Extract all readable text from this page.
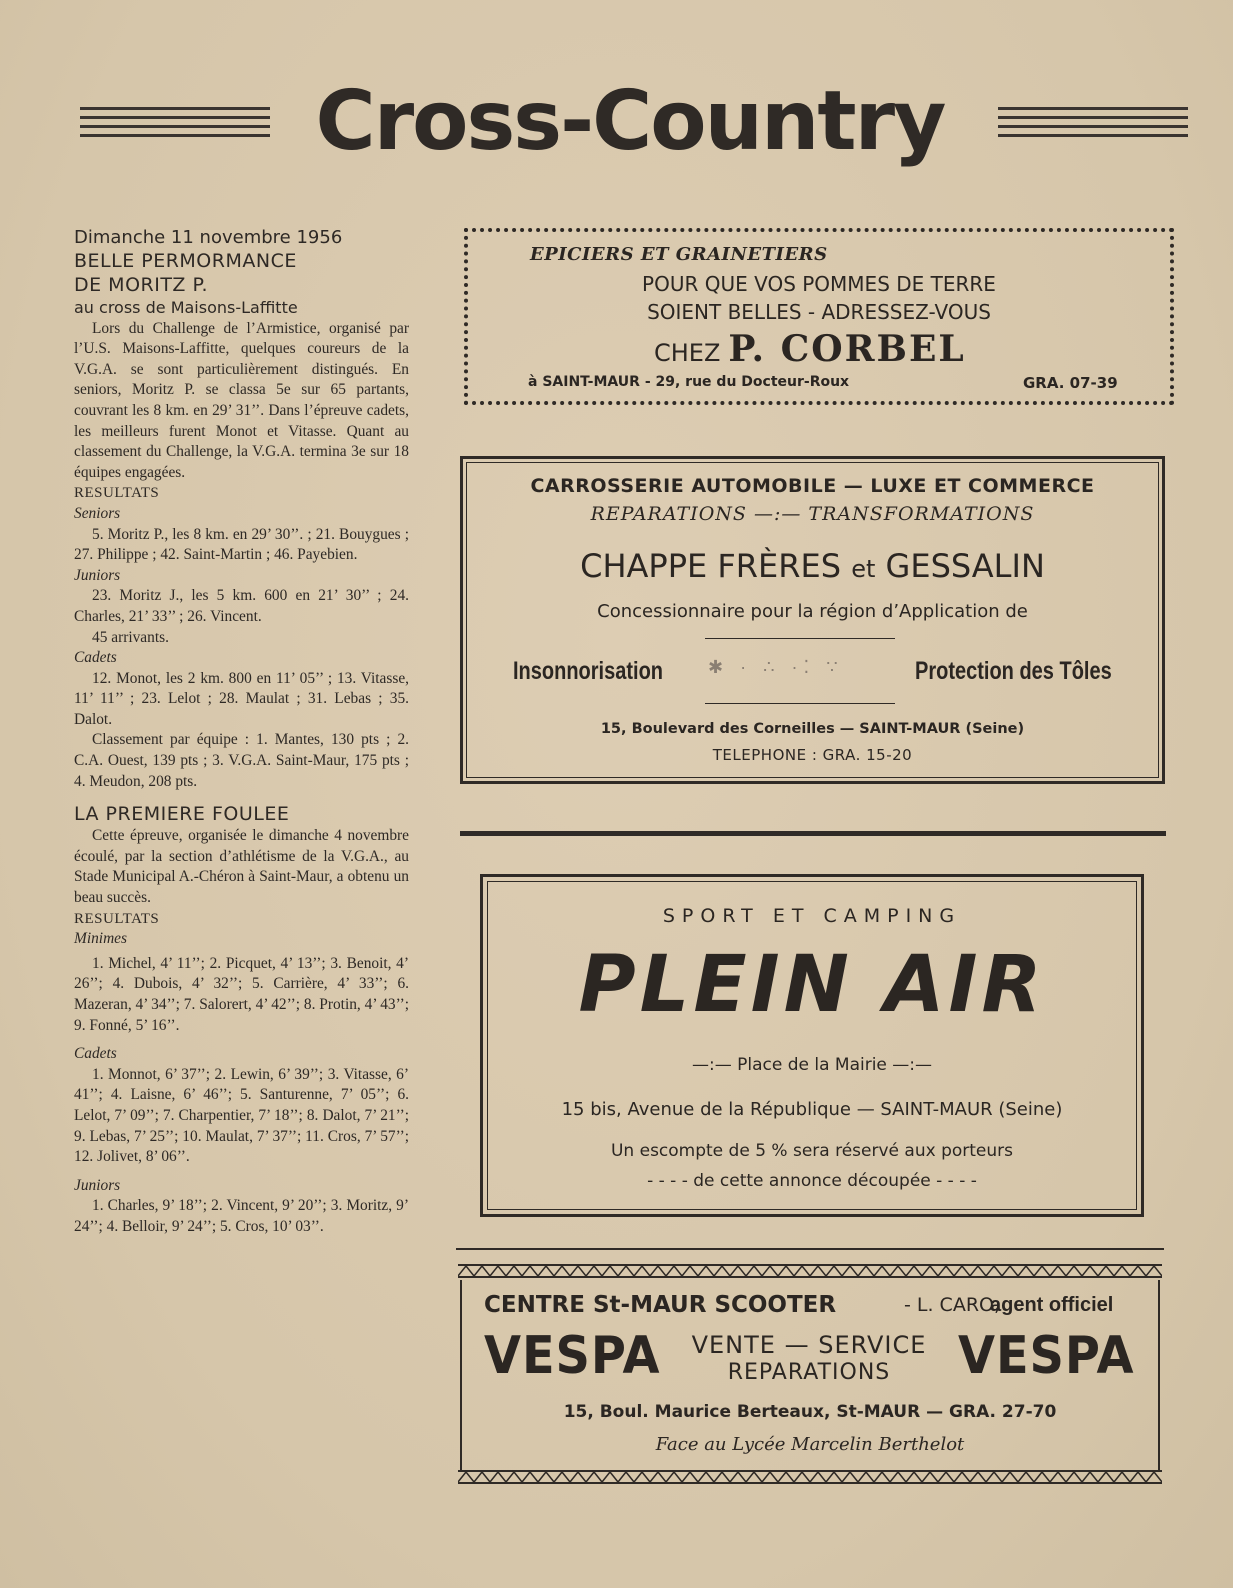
Cross-Country

Dimanche 11 novembre 1956

BELLE PERMORMANCE

DE MORITZ P.

au cross de Maisons-Laffitte

Lors du Challenge de l’Armistice, organisé par l’U.S. Maisons-Laffitte, quelques coureurs de la V.G.A. se sont particulièrement distingués. En seniors, Moritz P. se classa 5e sur 65 partants, couvrant les 8 km. en 29’ 31’’. Dans l’épreuve cadets, les meilleurs furent Monot et Vitasse. Quant au classement du Challenge, la V.G.A. termina 3e sur 18 équipes engagées.

RESULTATS

Seniors

5. Moritz P., les 8 km. en 29’ 30’’. ; 21. Bouygues ; 27. Philippe ; 42. Saint-Martin ; 46. Payebien.

Juniors

23. Moritz J., les 5 km. 600 en 21’ 30’’ ; 24. Charles, 21’ 33’’ ; 26. Vincent.

45 arrivants.

Cadets

12. Monot, les 2 km. 800 en 11’ 05’’ ; 13. Vitasse, 11’ 11’’ ; 23. Lelot ; 28. Maulat ; 31. Lebas ; 35. Dalot.

Classement par équipe : 1. Mantes, 130 pts ; 2. C.A. Ouest, 139 pts ; 3. V.G.A. Saint-Maur, 175 pts ; 4. Meudon, 208 pts.

LA PREMIERE FOULEE

Cette épreuve, organisée le dimanche 4 novembre écoulé, par la section d’athlétisme de la V.G.A., au Stade Municipal A.-Chéron à Saint-Maur, a obtenu un beau succès.

RESULTATS

Minimes

1. Michel, 4’ 11’’; 2. Picquet, 4’ 13’’; 3. Benoit, 4’ 26’’; 4. Dubois, 4’ 32’’; 5. Carrière, 4’ 33’’; 6. Mazeran, 4’ 34’’; 7. Salorert, 4’ 42’’; 8. Protin, 4’ 43’’; 9. Fonné, 5’ 16’’.

Cadets

1. Monnot, 6’ 37’’; 2. Lewin, 6’ 39’’; 3. Vitasse, 6’ 41’’; 4. Laisne, 6’ 46’’; 5. Santurenne, 7’ 05’’; 6. Lelot, 7’ 09’’; 7. Charpentier, 7’ 18’’; 8. Dalot, 7’ 21’’; 9. Lebas, 7’ 25’’; 10. Maulat, 7’ 37’’; 11. Cros, 7’ 57’’; 12. Jolivet, 8’ 06’’.

Juniors

1. Charles, 9’ 18’’; 2. Vincent, 9’ 20’’; 3. Moritz, 9’ 24’’; 4. Belloir, 9’ 24’’; 5. Cros, 10’ 03’’.

EPICIERS ET GRAINETIERS
POUR QUE VOS POMMES DE TERRE
SOIENT BELLES - ADRESSEZ-VOUS
CHEZ P. CORBEL
à SAINT-MAUR - 29, rue du Docteur-Roux	GRA. 07-39
CARROSSERIE AUTOMOBILE — LUXE ET COMMERCE
REPARATIONS —:— TRANSFORMATIONS
CHAPPE FRÈRES et GESSALIN
Concessionnaire pour la région d’Application de
Insonnorisation	✱ · ∴ ·⁚ ∵	Protection des Tôles
15, Boulevard des Corneilles — SAINT-MAUR (Seine)
TELEPHONE : GRA. 15-20
SPORT ET CAMPING
PLEIN AIR
—:— Place de la Mairie —:—
15 bis, Avenue de la République — SAINT-MAUR (Seine)
Un escompte de 5 % sera réservé aux porteurs
- - - - de cette annonce découpée - - - -
CENTRE St-MAUR SCOOTER	- L. CARO,
agent officiel
VESPA	VENTE — SERVICE
REPARATIONS	VESPA
15, Boul. Maurice Berteaux, St-MAUR — GRA. 27-70
Face au Lycée Marcelin Berthelot
